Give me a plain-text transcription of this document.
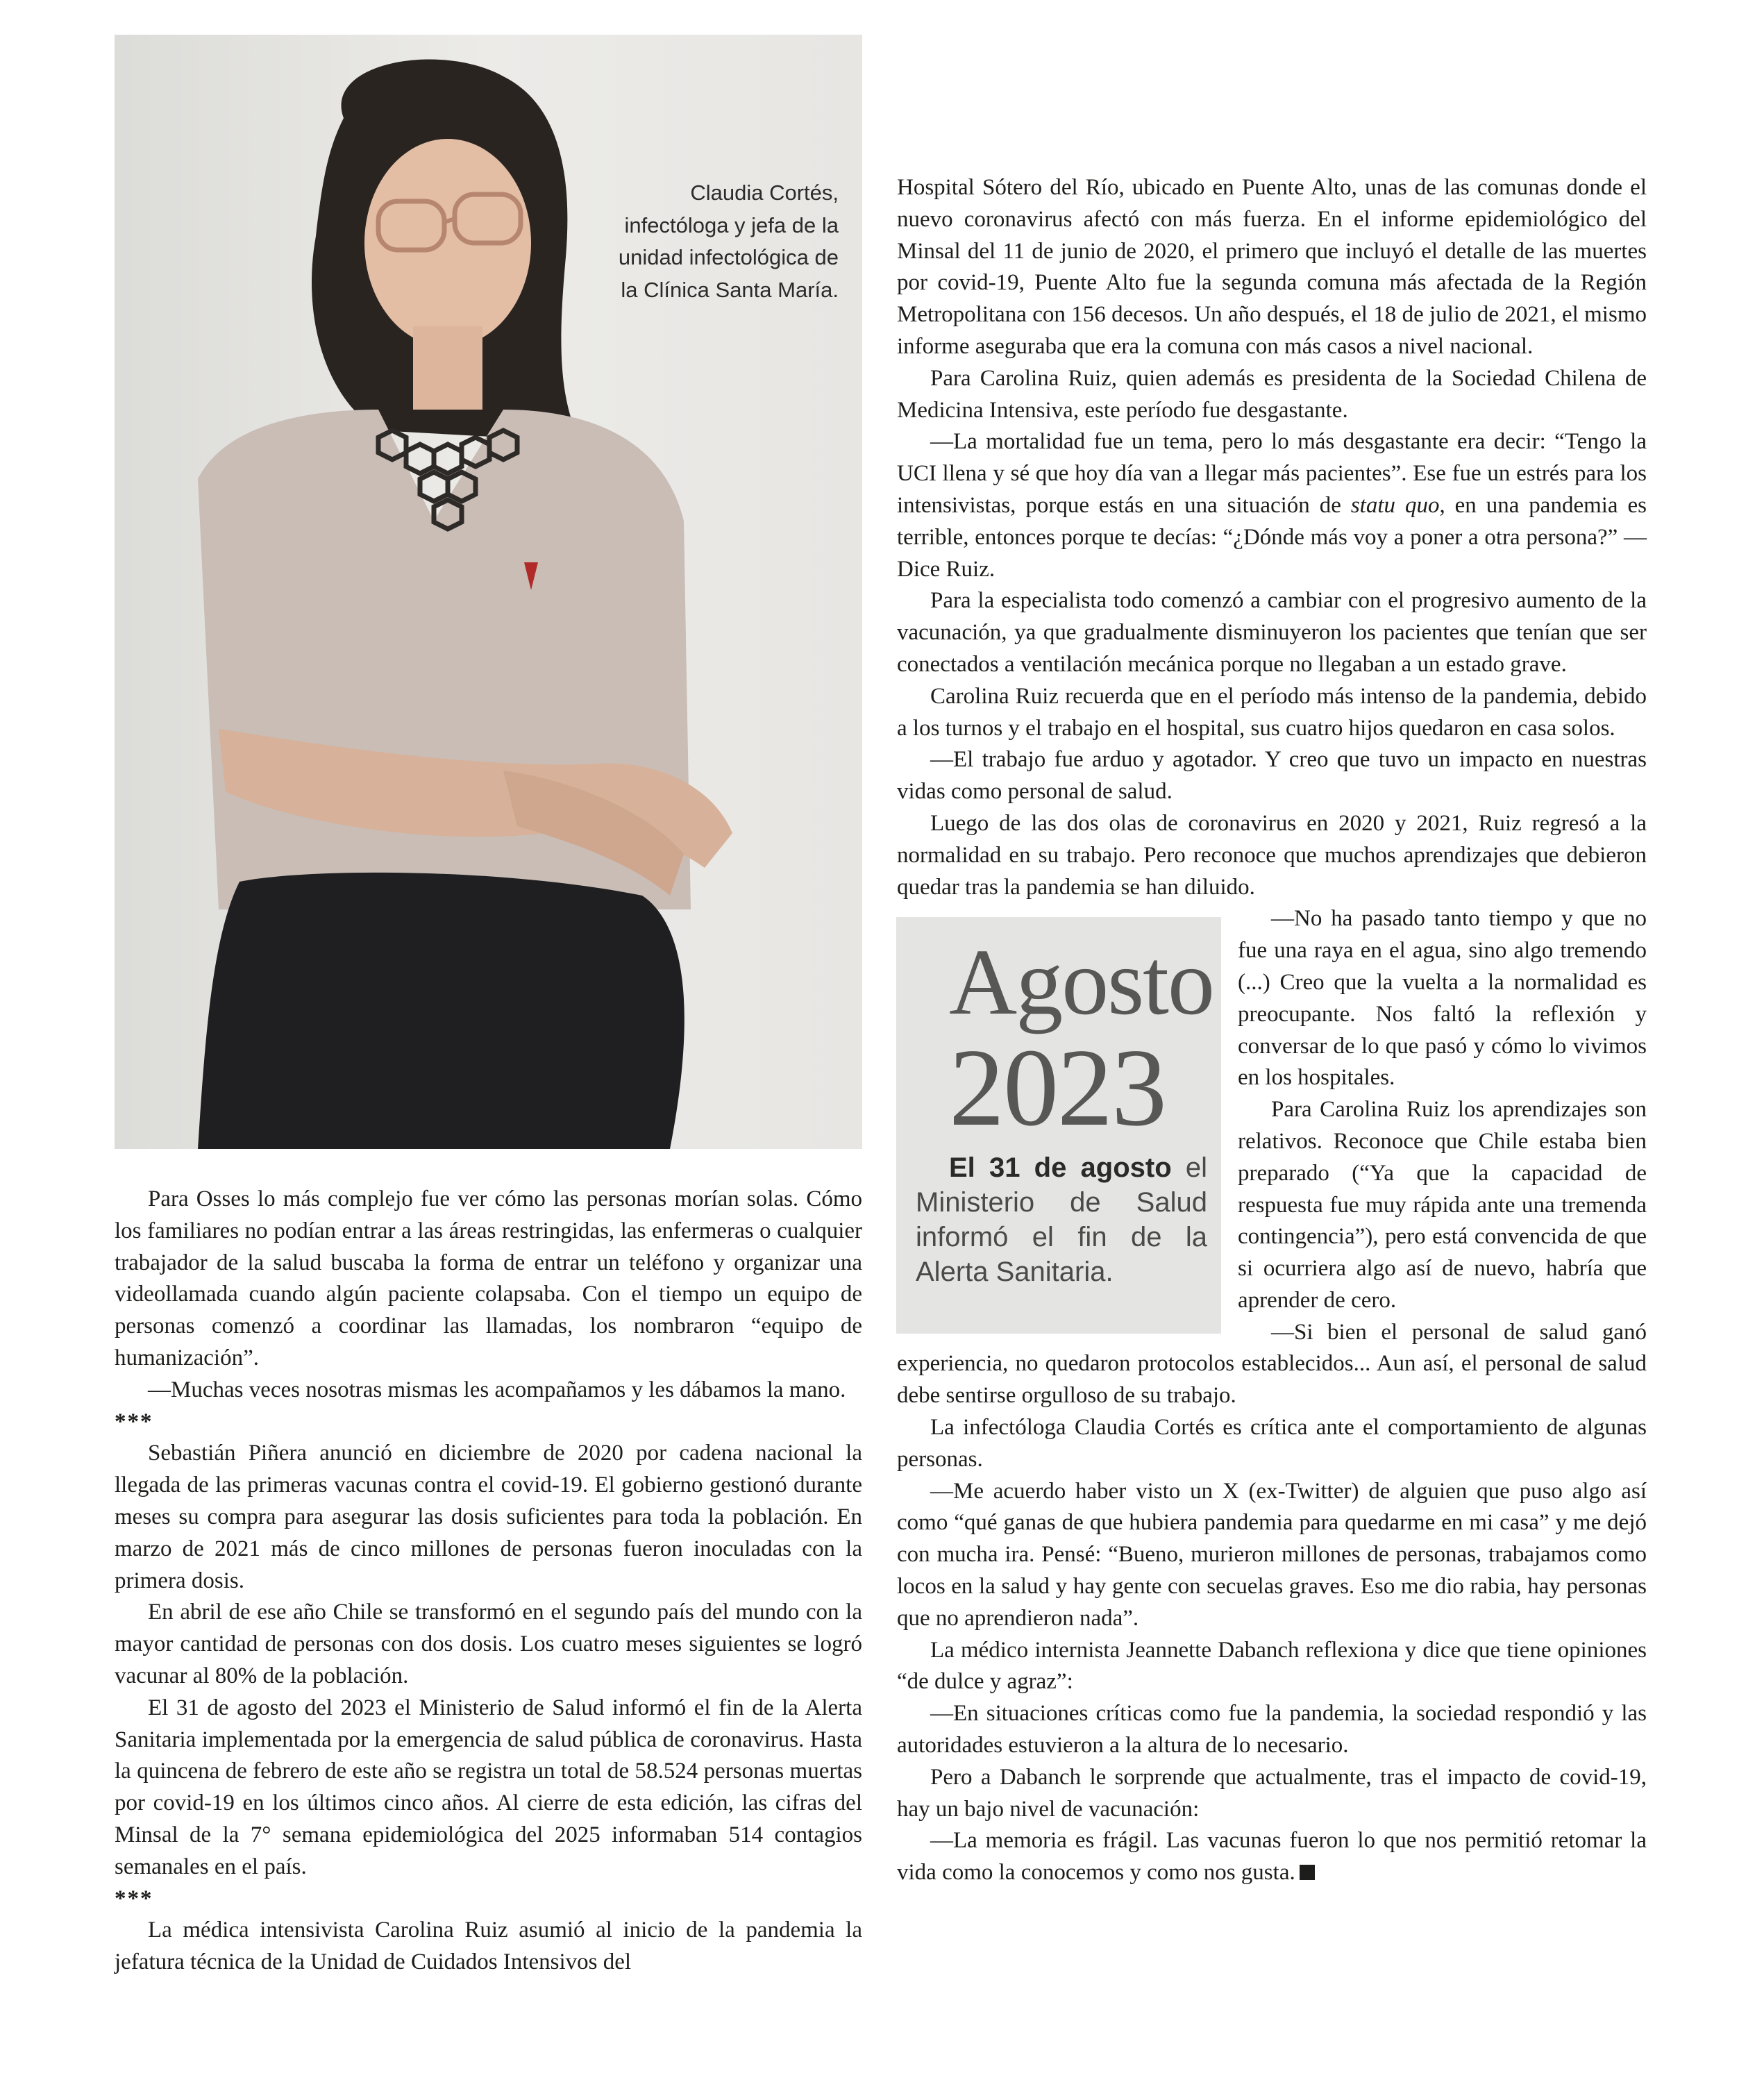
Claudia Cortés, infectóloga y jefa de la unidad infectológica de la Clínica Santa María.

Para Osses lo más complejo fue ver cómo las personas morían solas. Cómo los familiares no podían entrar a las áreas restringidas, las enfermeras o cualquier trabajador de la salud buscaba la forma de entrar un teléfono y organizar una videollamada cuando algún paciente colapsaba. Con el tiempo un equipo de personas comenzó a coordinar las llamadas, los nombraron “equipo de humanización”.

—Muchas veces nosotras mismas les acompañamos y les dábamos la mano.

***

Sebastián Piñera anunció en diciembre de 2020 por cadena nacional la llegada de las primeras vacunas contra el covid-19. El gobierno gestionó durante meses su compra para asegurar las dosis suficientes para toda la población. En marzo de 2021 más de cinco millones de personas fueron inoculadas con la primera dosis.

En abril de ese año Chile se transformó en el segundo país del mundo con la mayor cantidad de personas con dos dosis. Los cuatro meses siguientes se logró vacunar al 80% de la población.

El 31 de agosto del 2023 el Ministerio de Salud informó el fin de la Alerta Sanitaria implementada por la emergencia de salud pública de coronavirus. Hasta la quincena de febrero de este año se registra un total de 58.524 personas muertas por covid-19 en los últimos cinco años. Al cierre de esta edición, las cifras del Minsal de la 7° semana epidemiológica del 2025 informaban 514 contagios semanales en el país.

***

La médica intensivista Carolina Ruiz asumió al inicio de la pandemia la jefatura técnica de la Unidad de Cuidados Intensivos del

Hospital Sótero del Río, ubicado en Puente Alto, unas de las comunas donde el nuevo coronavirus afectó con más fuerza. En el informe epidemiológico del Minsal del 11 de junio de 2020, el primero que incluyó el detalle de las muertes por covid-19, Puente Alto fue la segunda comuna más afectada de la Región Metropolitana con 156 decesos. Un año después, el 18 de julio de 2021, el mismo informe aseguraba que era la comuna con más casos a nivel nacional.

Para Carolina Ruiz, quien además es presidenta de la Sociedad Chilena de Medicina Intensiva, este período fue desgastante.

—La mortalidad fue un tema, pero lo más desgastante era decir: “Tengo la UCI llena y sé que hoy día van a llegar más pacientes”. Ese fue un estrés para los intensivistas, porque estás en una situación de statu quo, en una pandemia es terrible, entonces porque te decías: “¿Dónde más voy a poner a otra persona?” —Dice Ruiz.

Para la especialista todo comenzó a cambiar con el progresivo aumento de la vacunación, ya que gradualmente disminuyeron los pacientes que tenían que ser conectados a ventilación mecánica porque no llegaban a un estado grave.

Carolina Ruiz recuerda que en el período más intenso de la pandemia, debido a los turnos y el trabajo en el hospital, sus cuatro hijos quedaron en casa solos.

—El trabajo fue arduo y agotador. Y creo que tuvo un impacto en nuestras vidas como personal de salud.

Luego de las dos olas de coronavirus en 2020 y 2021, Ruiz regresó a la normalidad en su trabajo. Pero reconoce que muchos aprendizajes que debieron quedar tras la pandemia se han diluido.

Agosto

2023

El 31 de agosto el Ministerio de Salud informó el fin de la Alerta Sanitaria.

—No ha pasado tanto tiempo y que no fue una raya en el agua, sino algo tremendo (...) Creo que la vuelta a la normalidad es preocupante. Nos faltó la reflexión y conversar de lo que pasó y cómo lo vivimos en los hospitales.

Para Carolina Ruiz los aprendizajes son relativos. Reconoce que Chile estaba bien preparado (“Ya que la capacidad de respuesta fue muy rápida ante una tremenda contingencia”), pero está convencida de que si ocurriera algo así de nuevo, habría que aprender de cero.

—Si bien el personal de salud ganó experiencia, no quedaron protocolos establecidos... Aun así, el personal de salud debe sentirse orgulloso de su trabajo.

La infectóloga Claudia Cortés es crítica ante el comportamiento de algunas personas.

—Me acuerdo haber visto un X (ex-Twitter) de alguien que puso algo así como “qué ganas de que hubiera pandemia para quedarme en mi casa” y me dejó con mucha ira. Pensé: “Bueno, murieron millones de personas, trabajamos como locos en la salud y hay gente con secuelas graves. Eso me dio rabia, hay personas que no aprendieron nada”.

La médico internista Jeannette Dabanch reflexiona y dice que tiene opiniones “de dulce y agraz”:

—En situaciones críticas como fue la pandemia, la sociedad respondió y las autoridades estuvieron a la altura de lo necesario.

Pero a Dabanch le sorprende que actualmente, tras el impacto de covid-19, hay un bajo nivel de vacunación:

—La memoria es frágil. Las vacunas fueron lo que nos permitió retomar la vida como la conocemos y como nos gusta.
